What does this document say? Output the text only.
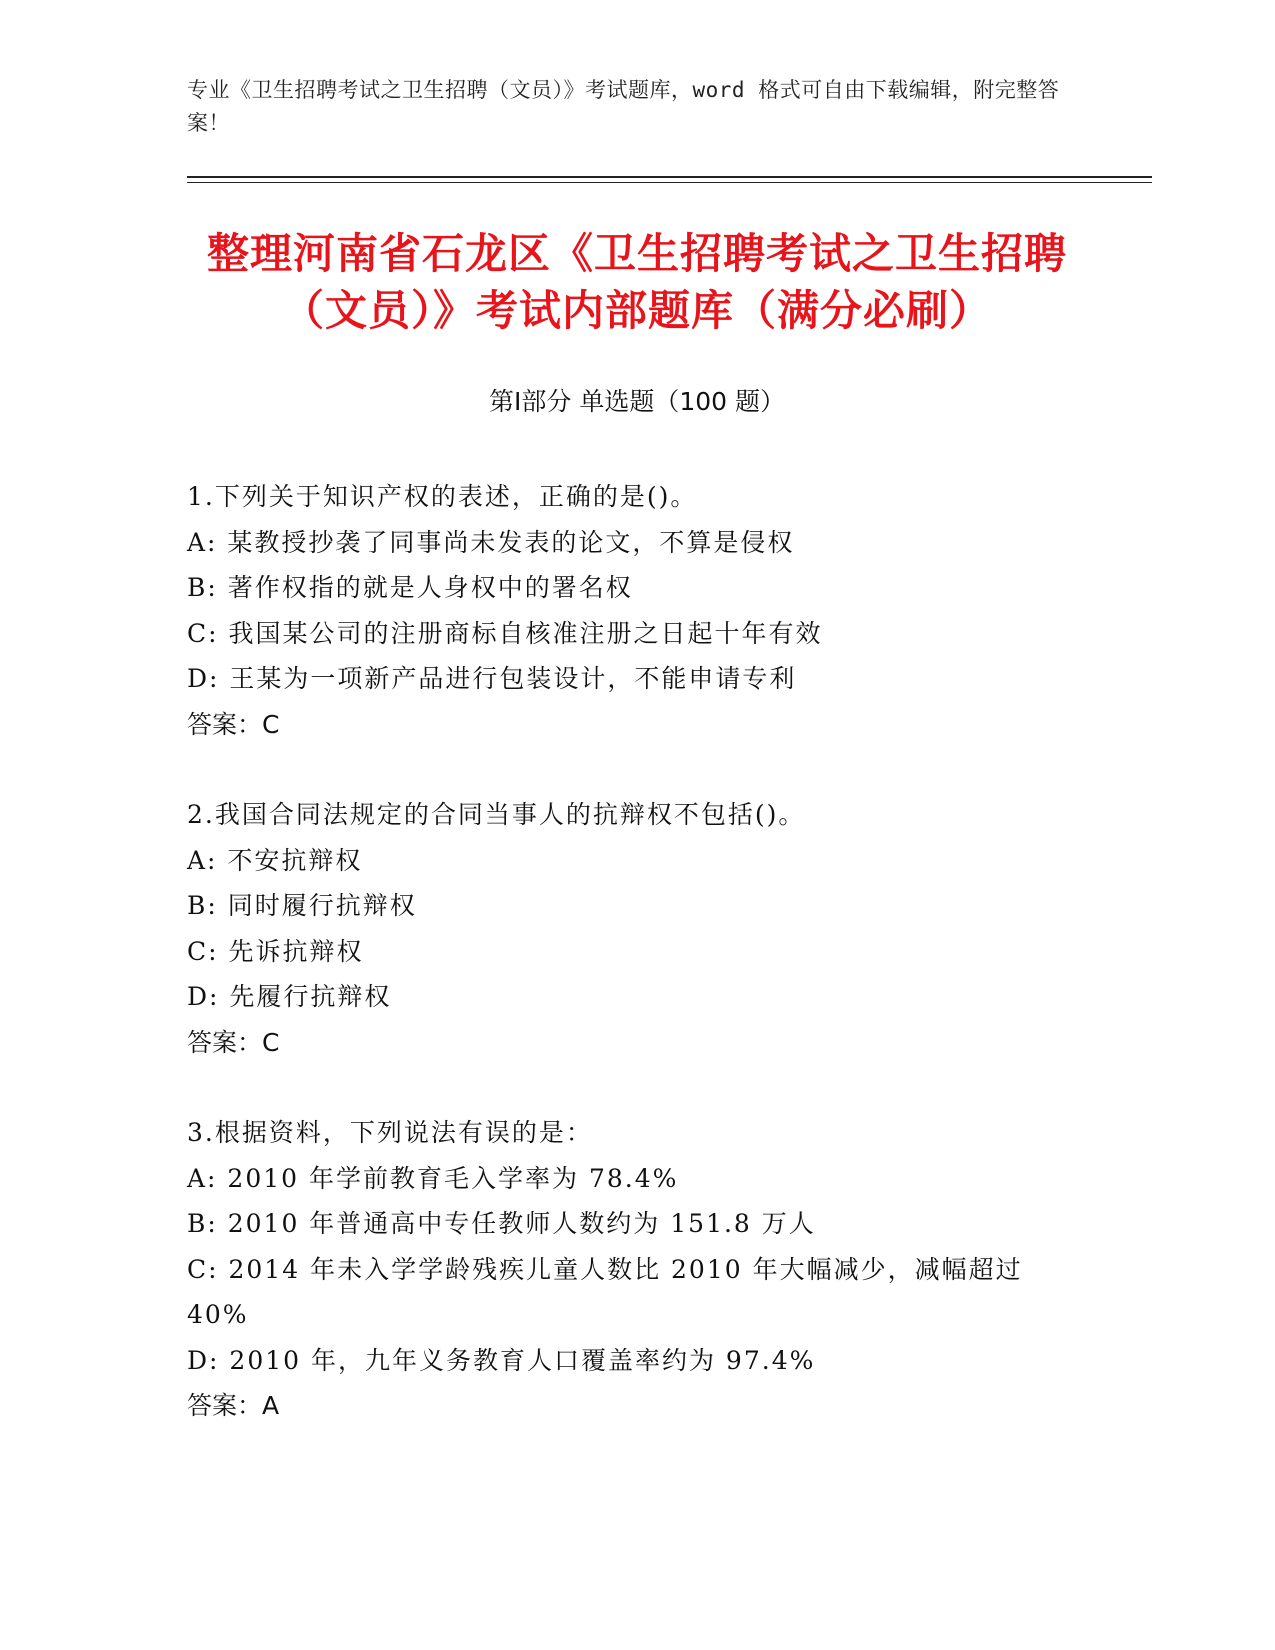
专业《卫生招聘考试之卫生招聘（文员）》考试题库，word 格式可自由下载编辑，附完整答案！
整理河南省石龙区《卫生招聘考试之卫生招聘（文员）》考试内部题库（满分必刷）
第Ⅰ部分 单选题（100 题）
1.下列关于知识产权的表述，正确的是()。
A: 某教授抄袭了同事尚未发表的论文，不算是侵权
B: 著作权指的就是人身权中的署名权
C: 我国某公司的注册商标自核准注册之日起十年有效
D: 王某为一项新产品进行包装设计，不能申请专利
答案：C
2.我国合同法规定的合同当事人的抗辩权不包括()。
A: 不安抗辩权
B: 同时履行抗辩权
C: 先诉抗辩权
D: 先履行抗辩权
答案：C
3.根据资料，下列说法有误的是：
A: 2010 年学前教育毛入学率为 78.4%
B: 2010 年普通高中专任教师人数约为 151.8 万人
C: 2014 年未入学学龄残疾儿童人数比 2010 年大幅减少，减幅超过 40%
D: 2010 年，九年义务教育人口覆盖率约为 97.4%
答案：A
